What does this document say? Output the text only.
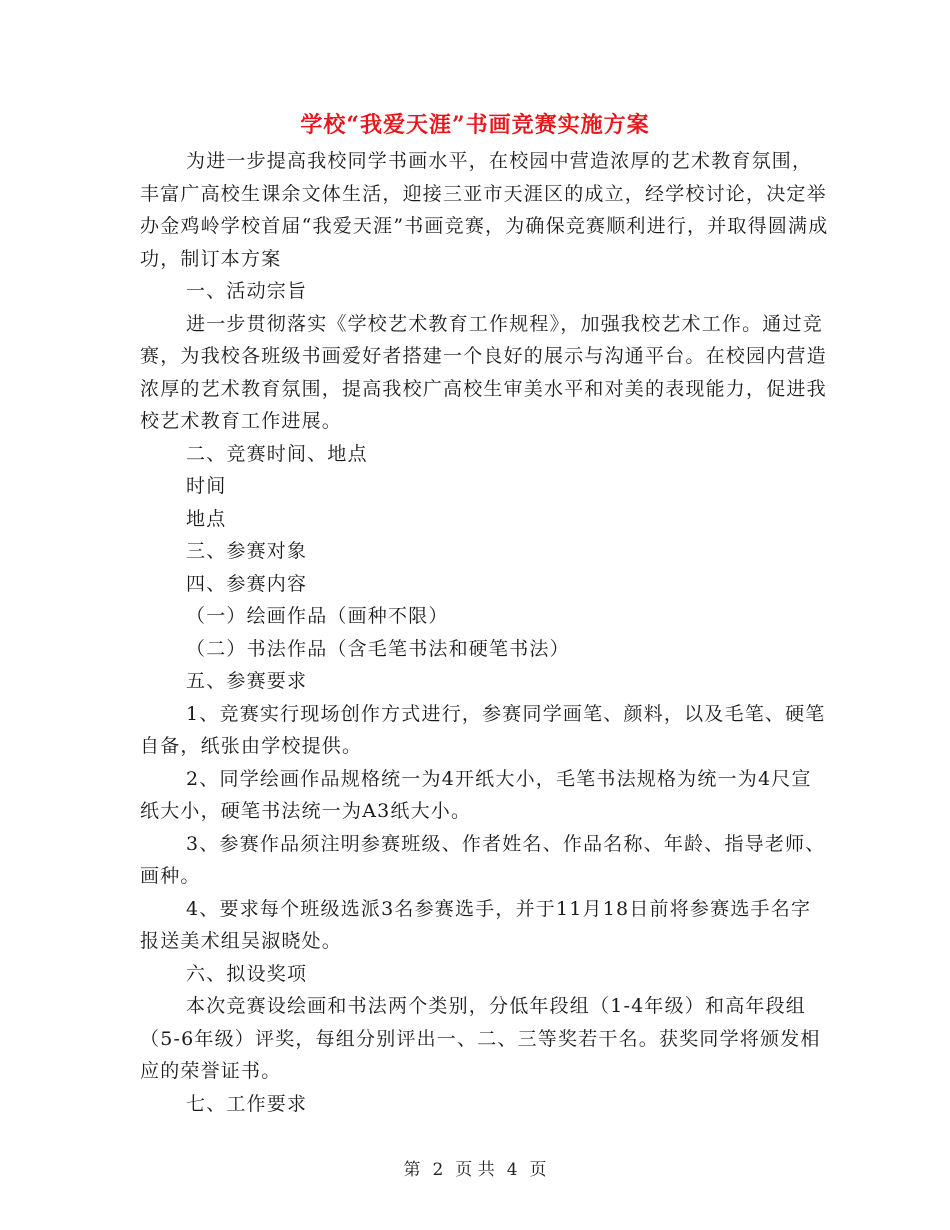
学校“我爱天涯”书画竞赛实施方案

为进一步提高我校同学书画水平，在校园中营造浓厚的艺术教育氛围，丰富广高校生课余文体生活，迎接三亚市天涯区的成立，经学校讨论，决定举办金鸡岭学校首届“我爱天涯”书画竞赛，为确保竞赛顺利进行，并取得圆满成功，制订本方案

一、活动宗旨

进一步贯彻落实《学校艺术教育工作规程》，加强我校艺术工作。通过竞赛，为我校各班级书画爱好者搭建一个良好的展示与沟通平台。在校园内营造浓厚的艺术教育氛围，提高我校广高校生审美水平和对美的表现能力，促进我校艺术教育工作进展。

二、竞赛时间、地点

时间

地点

三、参赛对象

四、参赛内容

（一）绘画作品（画种不限）

（二）书法作品（含毛笔书法和硬笔书法）

五、参赛要求

1、竞赛实行现场创作方式进行，参赛同学画笔、颜料，以及毛笔、硬笔自备，纸张由学校提供。

2、同学绘画作品规格统一为4开纸大小，毛笔书法规格为统一为4尺宣纸大小，硬笔书法统一为A3纸大小。

3、参赛作品须注明参赛班级、作者姓名、作品名称、年龄、指导老师、画种。

4、要求每个班级选派3名参赛选手，并于11月18日前将参赛选手名字报送美术组吴淑晓处。

六、拟设奖项

本次竞赛设绘画和书法两个类别，分低年段组（1-4年级）和高年段组（5-6年级）评奖，每组分别评出一、二、三等奖若干名。获奖同学将颁发相应的荣誉证书。

七、工作要求

第 2 页 共 4 页
